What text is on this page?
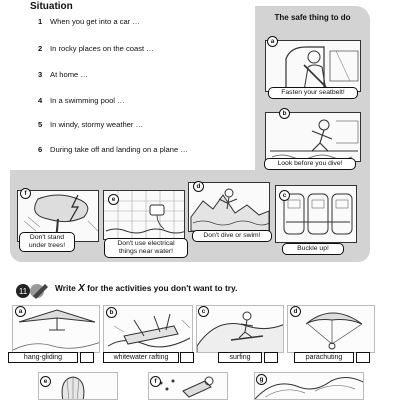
Situation
1 When you get into a car …
2 In rocky places on the coast …
3 At home …
4 In a swimming pool …
5 In windy, stormy weather …
6 During take off and landing on a plane …
The safe thing to do
a
Fasten your seatbelt!
b
Look before you dive!
c
Buckle up!
d
Don't dive or swim!
e
Don't use electrical
things near water!
f
Don't stand
under trees!
11	Write X for the activities you don't want to try.
a
hang-gliding
b
whitewater rafting
c
surfing
d
parachuting
e	f	g
